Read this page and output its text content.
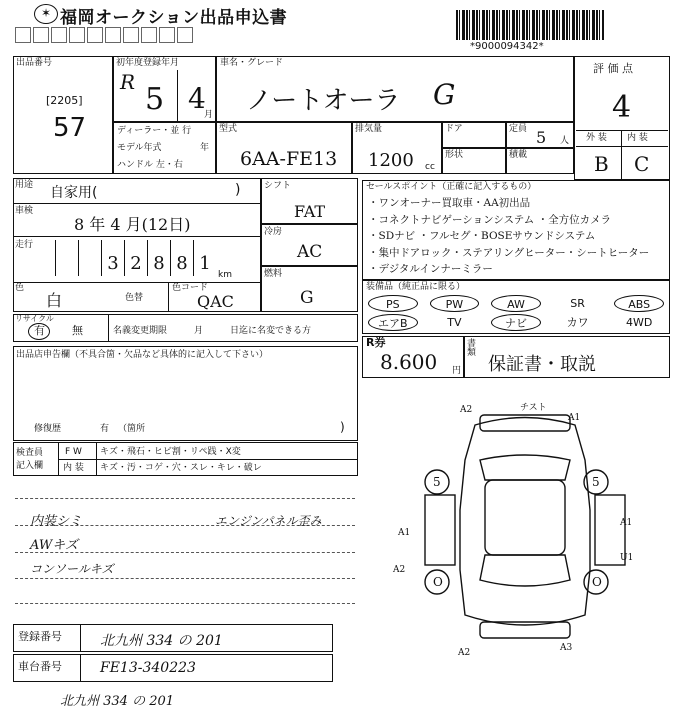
✶ 福岡オークション出品申込書
*9000094342*
出品番号
[2205]
57
初年度登録年月
R 5 4
月
車名・グレード
ノートオーラ G
評 価 点
4
外 装 内 装
B C
ディーラー・並 行
モデル年式	年
ハンドル 左・右
型式
6AA-FE13
排気量
1200 cc
ドア
形状
定員 5 人
積載
用途 自家用(	)
車検
8 年 4 月(12日)
走行
3 2 8 8 1
km
色
白	色替
色コード
QAC
シフト
FAT
冷房
AC
燃料
G
セールスポイント（正確に記入するもの）
・ワンオーナー買取車・AA初出品
・コネクトナビゲーションシステム ・全方位カメラ
・SDナビ ・フルセグ・BOSEサウンドシステム
・集中ドアロック・ステアリングヒーター・シートヒーター
・デジタルインナーミラー
装備品（純正品に限る）
PS	PW	AW	SR	ABS
エアB	TV	ナビ	カワ	4WD
リサイクル
有 無	名義変更期限	月	日迄に名変できる方
R券
8.600 円
書類
保証書・取説
出品店申告欄（不具合箇・欠品など具体的に記入して下さい）
修復歴	有 （箇所	)
検査員
記入欄
F W キズ・飛石・ヒビ割・リペ践・X変
内 装 キズ・汚・コゲ・穴・スレ・キレ・破レ
内装シミ	エンジンパネル歪み
AWキズ
コンソールキズ
登録番号	北九州 334 の 201
車台番号	FE13-340223
北九州 334 の 201
A2	チスト
A1
5	5
A1
A1
A2
O	O
U1
A2	A3
